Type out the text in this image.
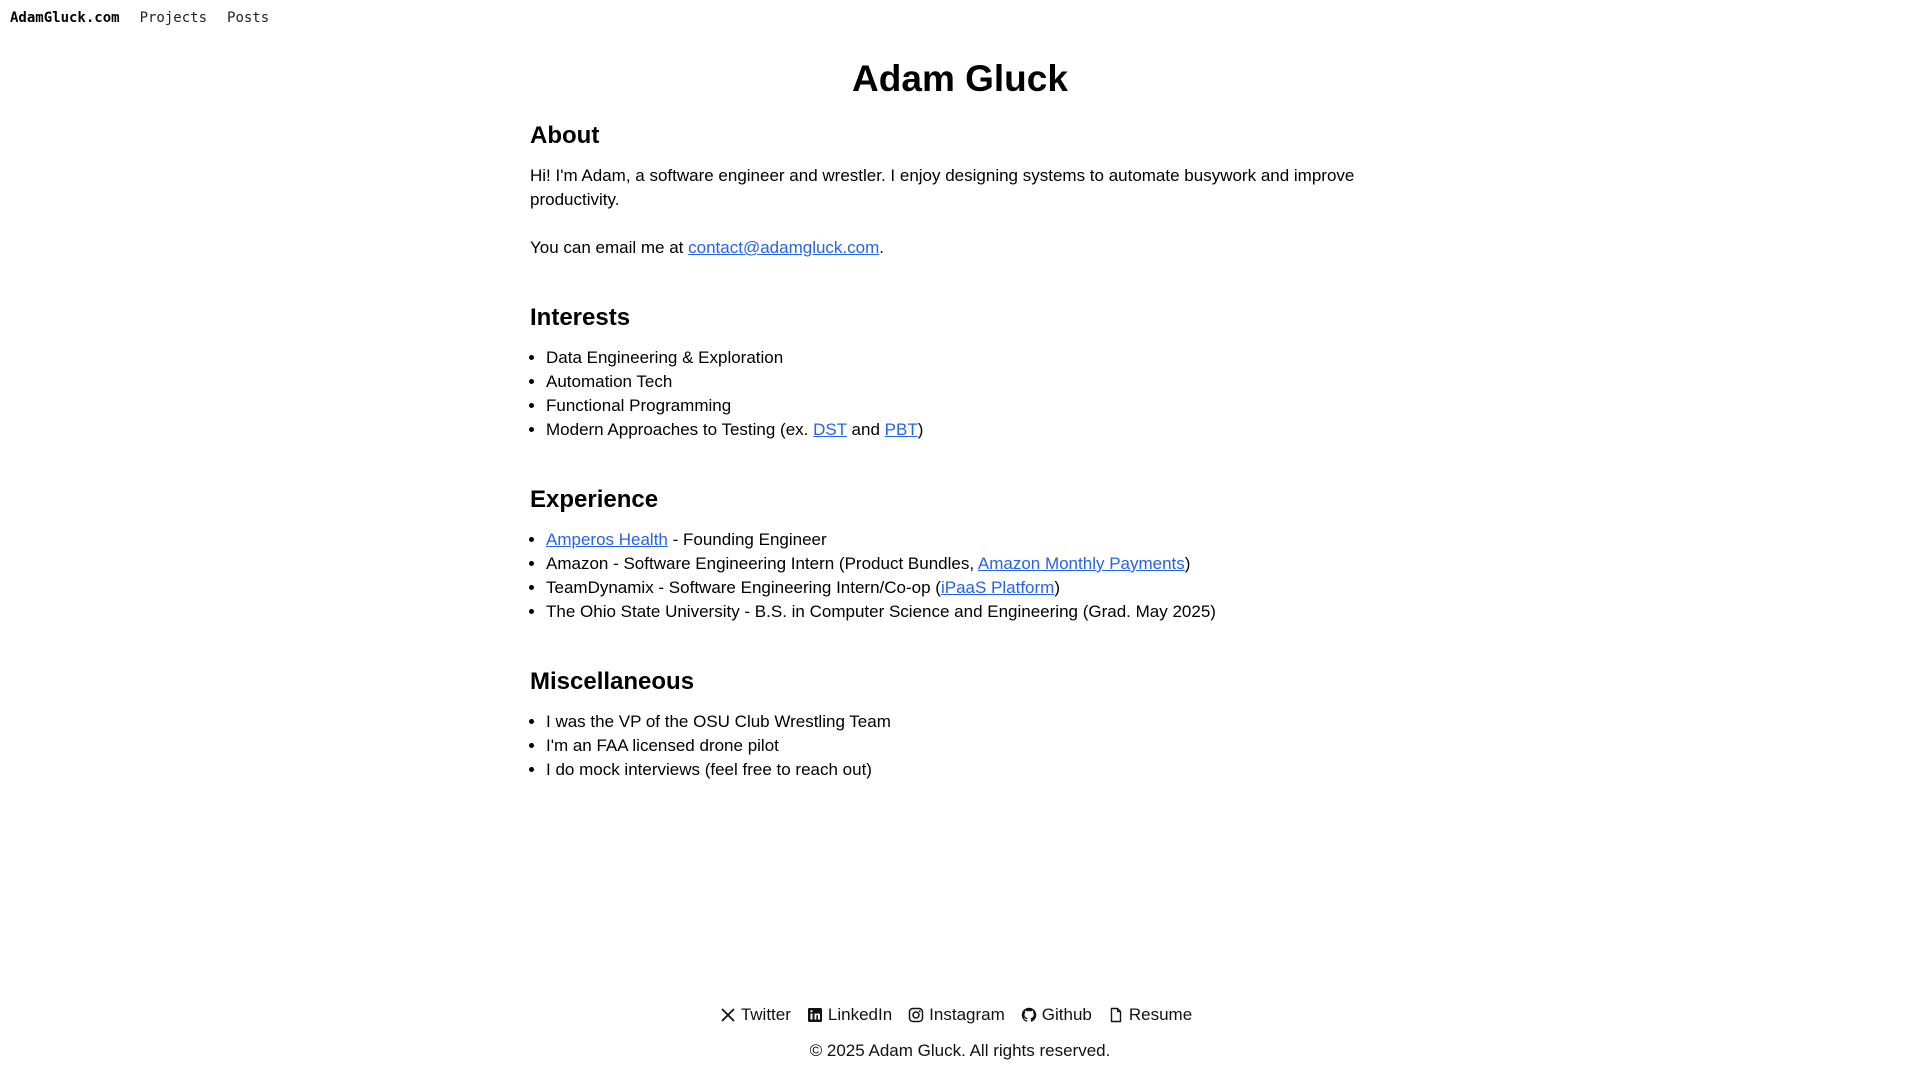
AdamGluck.com Projects Posts
Adam Gluck
About

Hi! I'm Adam, a software engineer and wrestler. I enjoy designing systems to automate busywork and improve productivity.

You can email me at contact@adamgluck.com.

Interests
• Data Engineering & Exploration
• Automation Tech
• Functional Programming
• Modern Approaches to Testing (ex. DST and PBT)
Experience
• Amperos Health - Founding Engineer
• Amazon - Software Engineering Intern (Product Bundles, Amazon Monthly Payments)
• TeamDynamix - Software Engineering Intern/Co-op (iPaaS Platform)
• The Ohio State University - B.S. in Computer Science and Engineering (Grad. May 2025)
Miscellaneous
• I was the VP of the OSU Club Wrestling Team
• I'm an FAA licensed drone pilot
• I do mock interviews (feel free to reach out)
Twitter LinkedIn Instagram Github Resume
© 2025 Adam Gluck. All rights reserved.
